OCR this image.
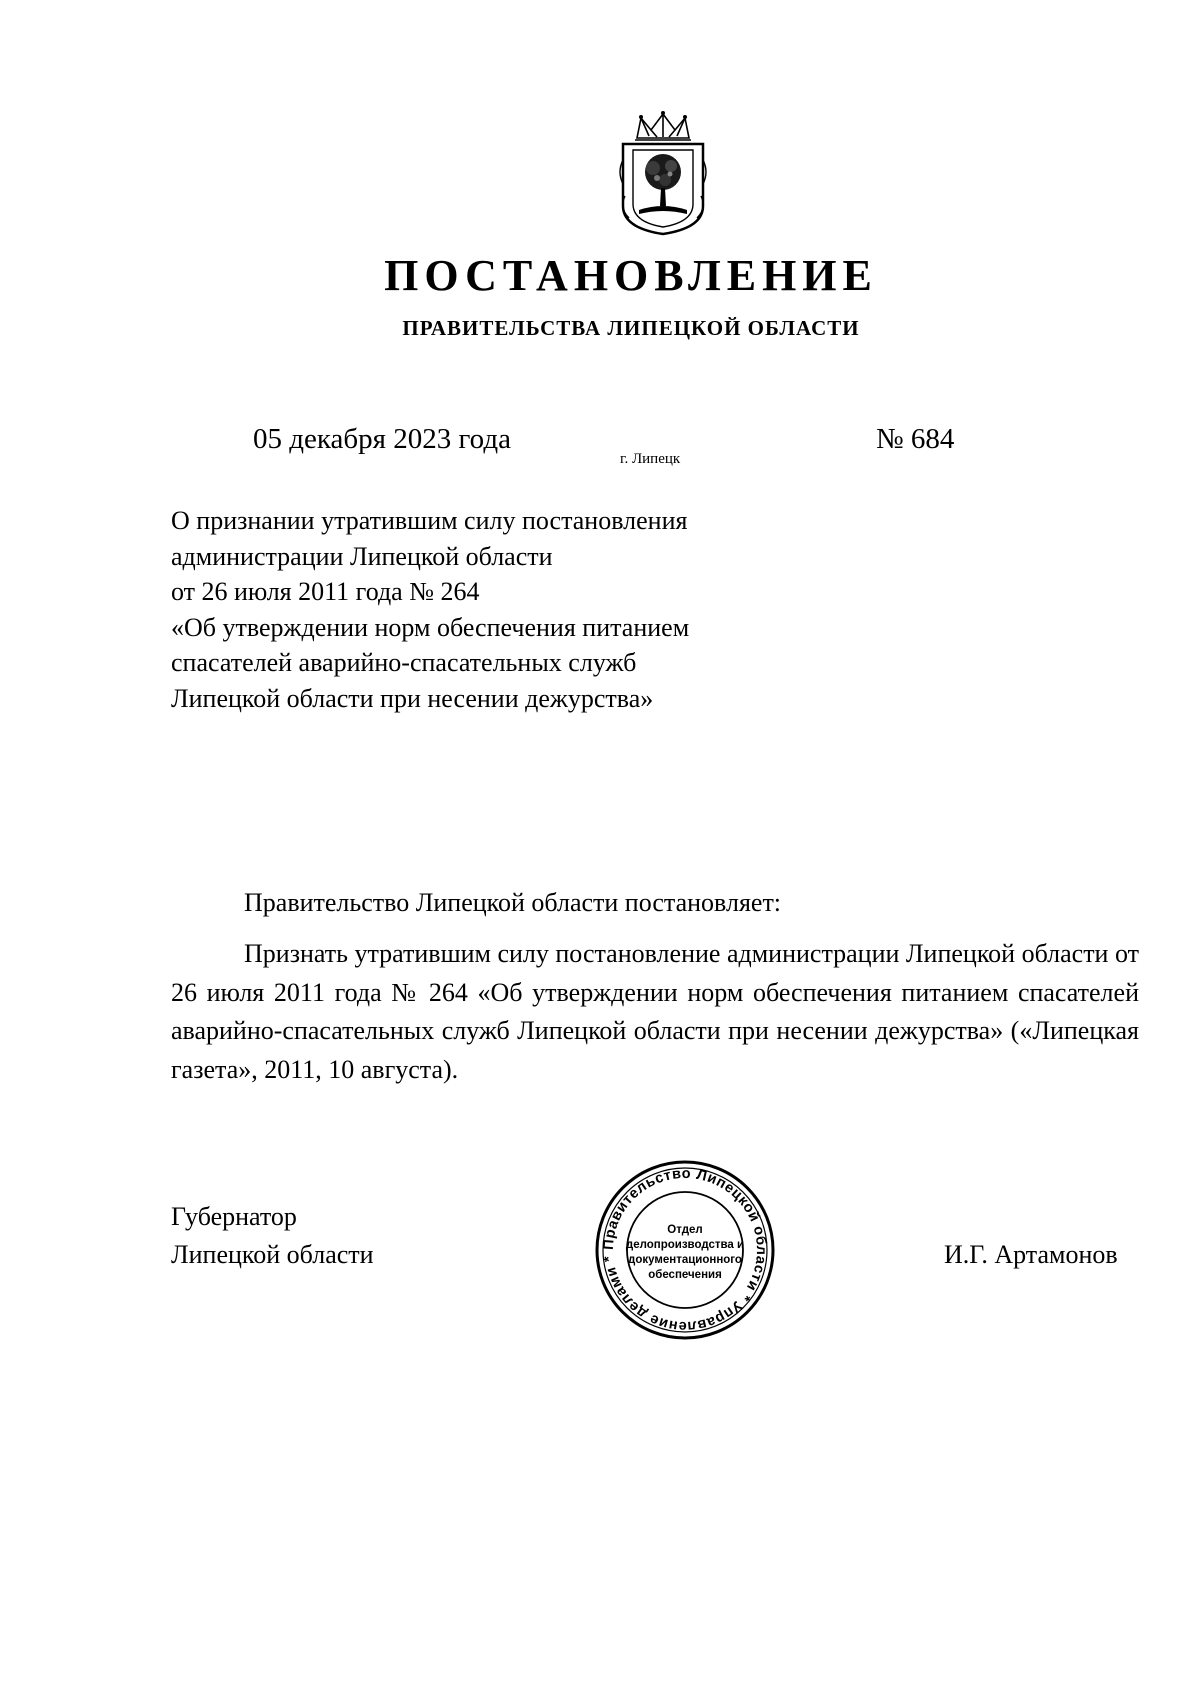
ПОСТАНОВЛЕНИЕ
ПРАВИТЕЛЬСТВА ЛИПЕЦКОЙ ОБЛАСТИ
05 декабря 2023 года
г. Липецк
№ 684
О признании утратившим силу постановления
администрации Липецкой области
от 26 июля 2011 года № 264
«Об утверждении норм обеспечения питанием
спасателей аварийно-спасательных служб
Липецкой области при несении дежурства»
Правительство Липецкой области постановляет:
Признать утратившим силу постановление администрации Липецкой области от 26 июля 2011 года № 264 «Об утверждении норм обеспечения питанием спасателей аварийно-спасательных служб Липецкой области при несении дежурства» («Липецкая газета», 2011, 10 августа).
Губернатор
Липецкой области	И.Г. Артамонов
Правительство Липецкой области * Управление делами *
Отдел
делопроизводства и
документационного
обеспечения
